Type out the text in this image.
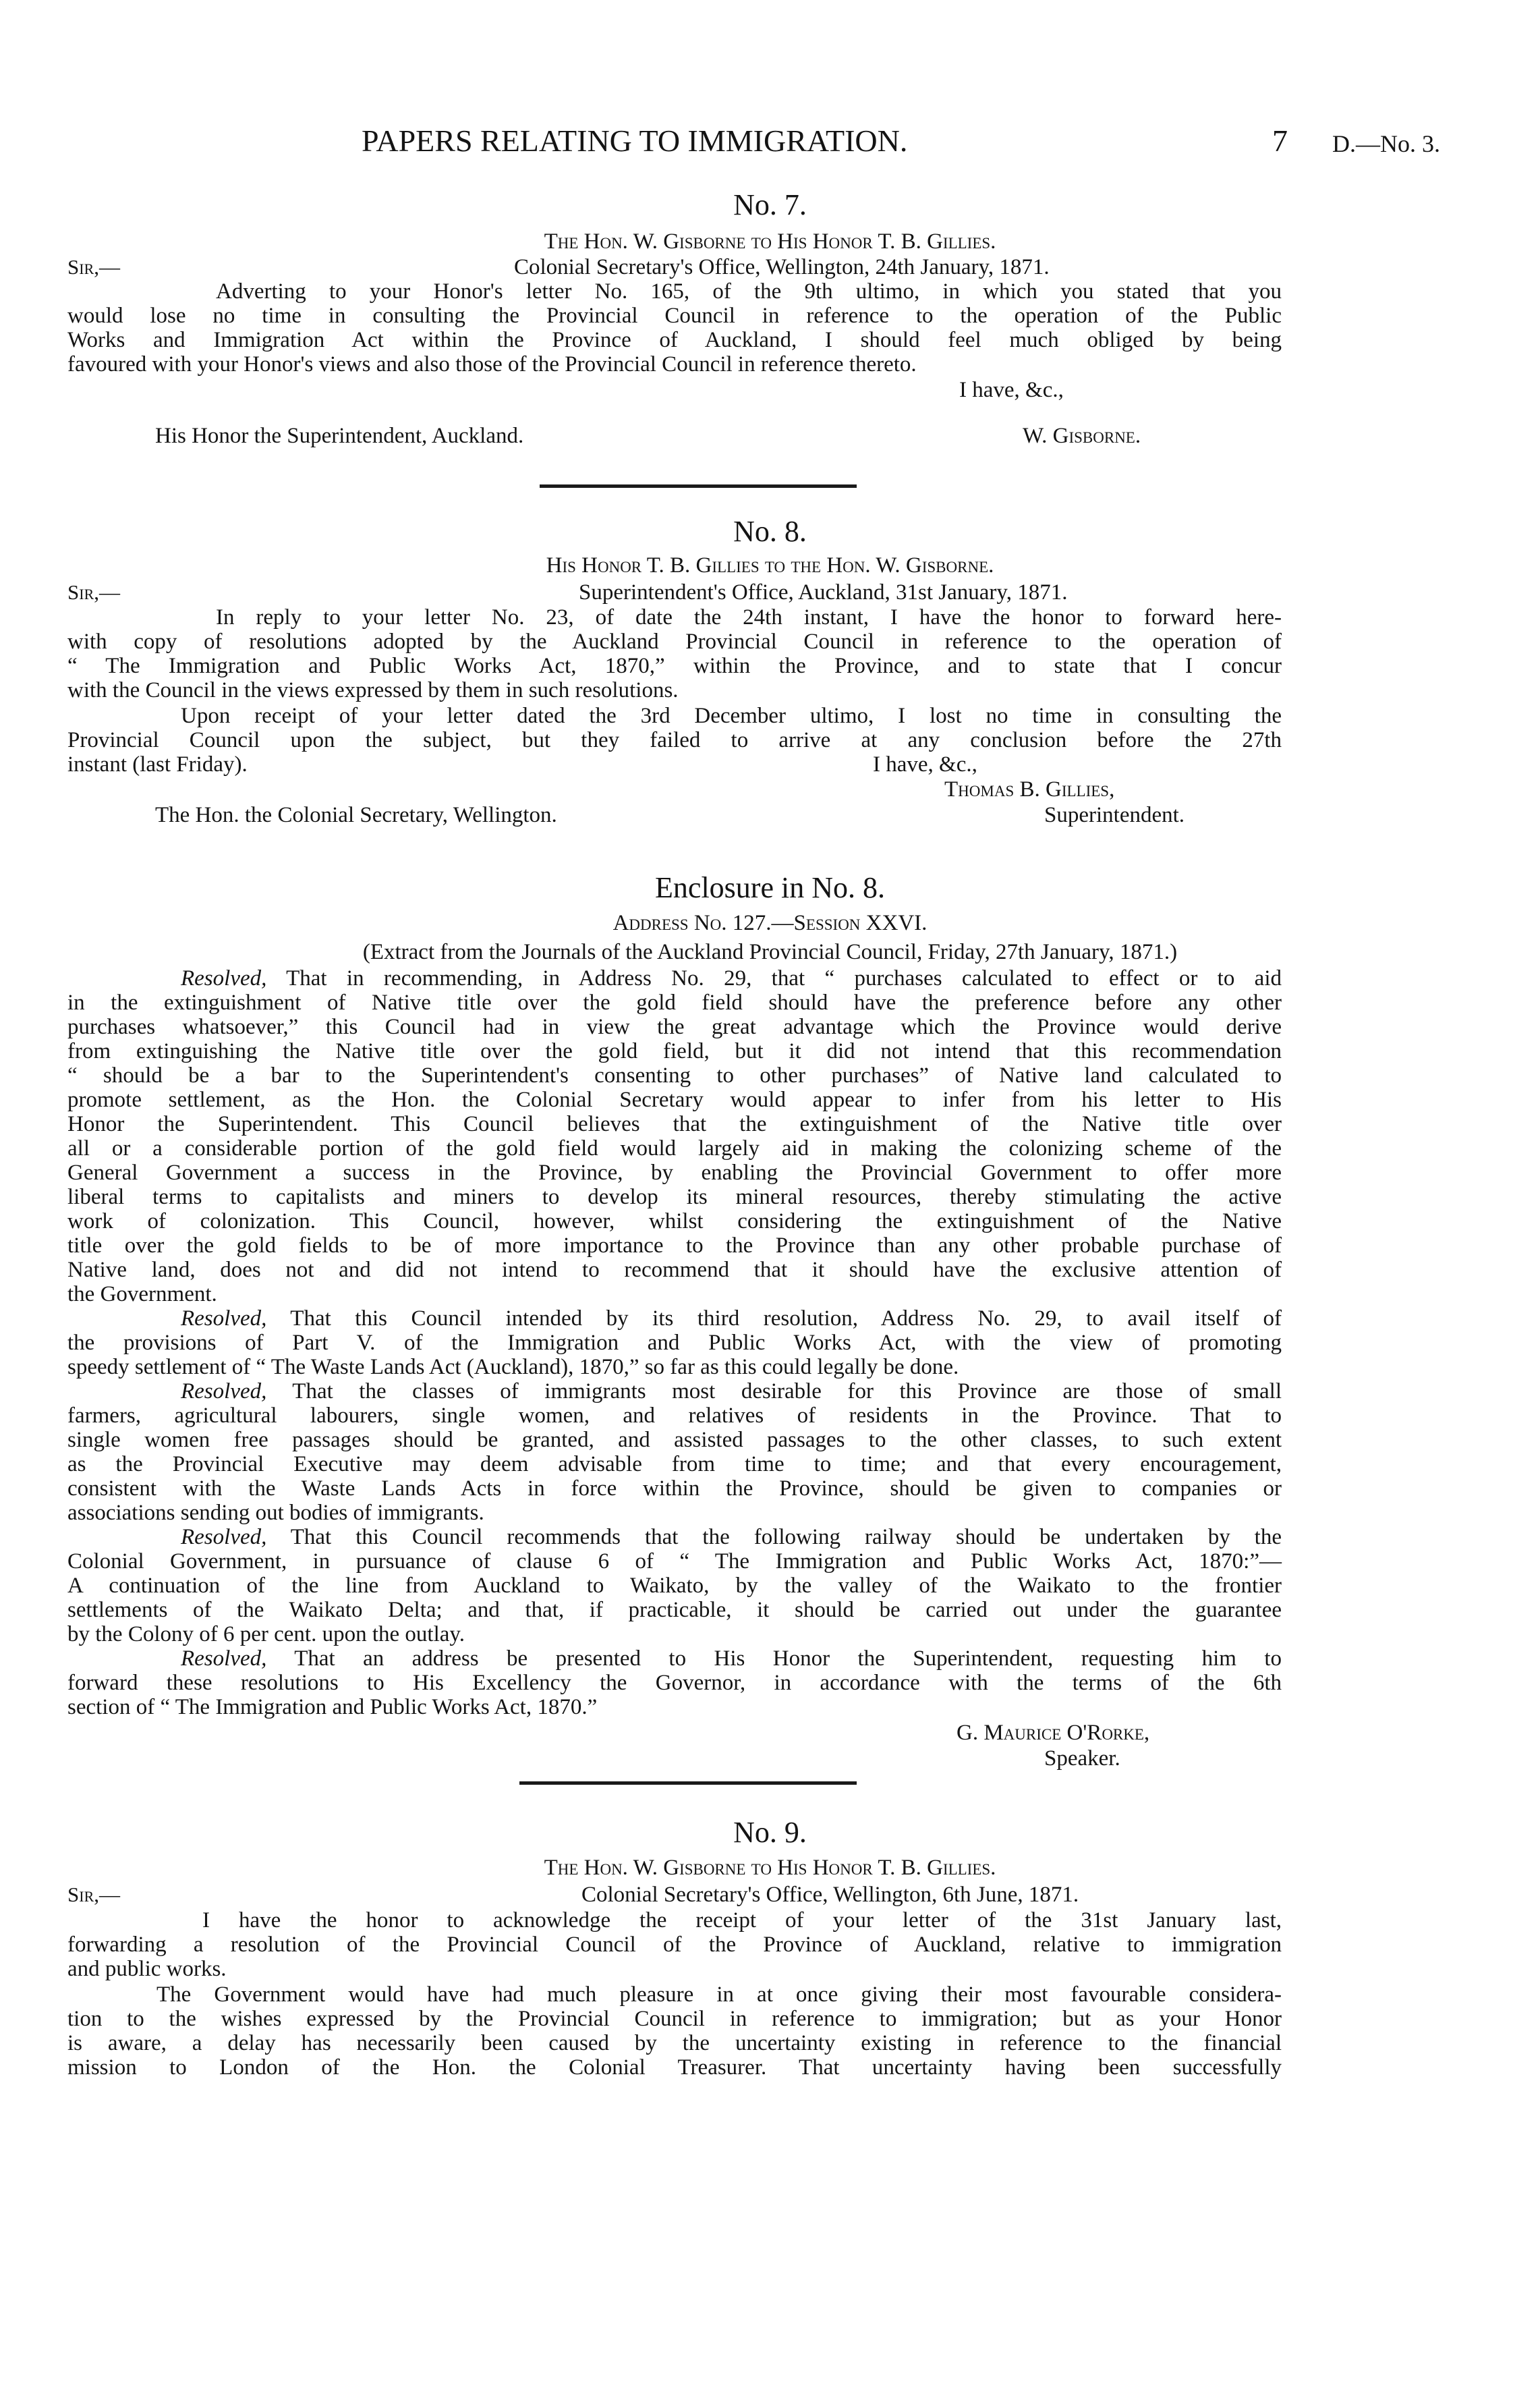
PAPERS RELATING TO IMMIGRATION.	7 D.—No. 3.
No. 7.
The Hon. W. Gisborne to His Honor T. B. Gillies.
Sir,—	Colonial Secretary's Office, Wellington, 24th January, 1871.
Adverting to your Honor's letter No. 165, of the 9th ultimo, in which you stated that you
would lose no time in consulting the Provincial Council in reference to the operation of the Public
Works and Immigration Act within the Province of Auckland, I should feel much obliged by being
favoured with your Honor's views and also those of the Provincial Council in reference thereto.
I have, &c.,
His Honor the Superintendent, Auckland.	W. Gisborne.
No. 8.
His Honor T. B. Gillies to the Hon. W. Gisborne.
Sir,—	Superintendent's Office, Auckland, 31st January, 1871.
In reply to your letter No. 23, of date the 24th instant, I have the honor to forward here-
with copy of resolutions adopted by the Auckland Provincial Council in reference to the operation of
“ The Immigration and Public Works Act, 1870,” within the Province, and to state that I concur
with the Council in the views expressed by them in such resolutions.
Upon receipt of your letter dated the 3rd December ultimo, I lost no time in consulting the
Provincial Council upon the subject, but they failed to arrive at any conclusion before the 27th
instant (last Friday).	I have, &c.,
Thomas B. Gillies,
The Hon. the Colonial Secretary, Wellington.	Superintendent.
Enclosure in No. 8.
Address No. 127.—Session XXVI.
(Extract from the Journals of the Auckland Provincial Council, Friday, 27th January, 1871.)
Resolved, That in recommending, in Address No. 29, that “ purchases calculated to effect or to aid
in the extinguishment of Native title over the gold field should have the preference before any other
purchases whatsoever,” this Council had in view the great advantage which the Province would derive
from extinguishing the Native title over the gold field, but it did not intend that this recommendation
“ should be a bar to the Superintendent's consenting to other purchases” of Native land calculated to
promote settlement, as the Hon. the Colonial Secretary would appear to infer from his letter to His
Honor the Superintendent. This Council believes that the extinguishment of the Native title over
all or a considerable portion of the gold field would largely aid in making the colonizing scheme of the
General Government a success in the Province, by enabling the Provincial Government to offer more
liberal terms to capitalists and miners to develop its mineral resources, thereby stimulating the active
work of colonization. This Council, however, whilst considering the extinguishment of the Native
title over the gold fields to be of more importance to the Province than any other probable purchase of
Native land, does not and did not intend to recommend that it should have the exclusive attention of
the Government.
Resolved, That this Council intended by its third resolution, Address No. 29, to avail itself of
the provisions of Part V. of the Immigration and Public Works Act, with the view of promoting
speedy settlement of “ The Waste Lands Act (Auckland), 1870,” so far as this could legally be done.
Resolved, That the classes of immigrants most desirable for this Province are those of small
farmers, agricultural labourers, single women, and relatives of residents in the Province. That to
single women free passages should be granted, and assisted passages to the other classes, to such extent
as the Provincial Executive may deem advisable from time to time; and that every encouragement,
consistent with the Waste Lands Acts in force within the Province, should be given to companies or
associations sending out bodies of immigrants.
Resolved, That this Council recommends that the following railway should be undertaken by the
Colonial Government, in pursuance of clause 6 of “ The Immigration and Public Works Act, 1870:”—
A continuation of the line from Auckland to Waikato, by the valley of the Waikato to the frontier
settlements of the Waikato Delta; and that, if practicable, it should be carried out under the guarantee
by the Colony of 6 per cent. upon the outlay.
Resolved, That an address be presented to His Honor the Superintendent, requesting him to
forward these resolutions to His Excellency the Governor, in accordance with the terms of the 6th
section of “ The Immigration and Public Works Act, 1870.”
G. Maurice O'Rorke,
Speaker.
No. 9.
The Hon. W. Gisborne to His Honor T. B. Gillies.
Sir,—	Colonial Secretary's Office, Wellington, 6th June, 1871.
I have the honor to acknowledge the receipt of your letter of the 31st January last,
forwarding a resolution of the Provincial Council of the Province of Auckland, relative to immigration
and public works.
The Government would have had much pleasure in at once giving their most favourable considera-
tion to the wishes expressed by the Provincial Council in reference to immigration; but as your Honor
is aware, a delay has necessarily been caused by the uncertainty existing in reference to the financial
mission to London of the Hon. the Colonial Treasurer. That uncertainty having been successfully
